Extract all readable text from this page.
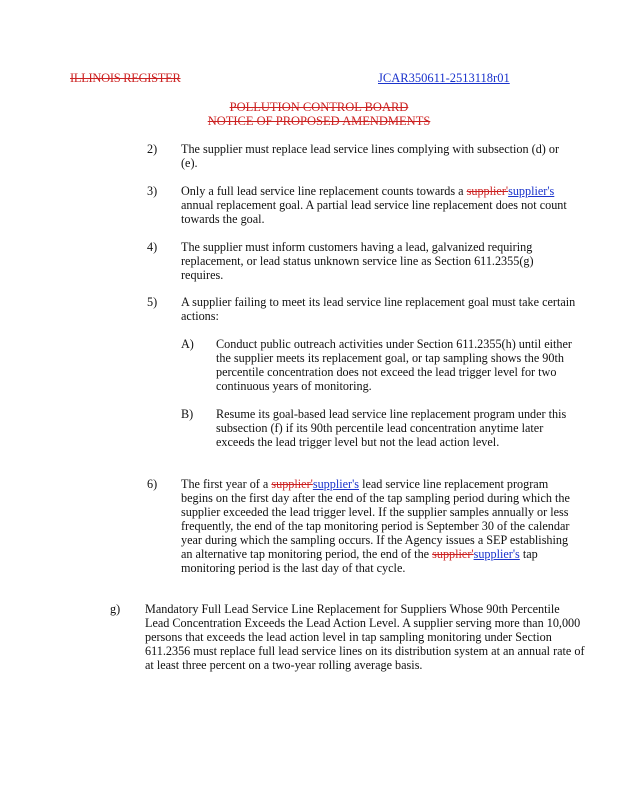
ILLINOIS REGISTER	JCAR350611-2513118r01
POLLUTION CONTROL BOARD
NOTICE OF PROPOSED AMENDMENTS
2) The supplier must replace lead service lines complying with subsection (d) or (e).
3) Only a full lead service line replacement counts towards a supplier'supplier's annual replacement goal. A partial lead service line replacement does not count towards the goal.
4) The supplier must inform customers having a lead, galvanized requiring replacement, or lead status unknown service line as Section 611.2355(g) requires.
5) A supplier failing to meet its lead service line replacement goal must take certain actions:
A) Conduct public outreach activities under Section 611.2355(h) until either the supplier meets its replacement goal, or tap sampling shows the 90th percentile concentration does not exceed the lead trigger level for two continuous years of monitoring.
B) Resume its goal-based lead service line replacement program under this subsection (f) if its 90th percentile lead concentration anytime later exceeds the lead trigger level but not the lead action level.
6) The first year of a supplier'supplier's lead service line replacement program begins on the first day after the end of the tap sampling period during which the supplier exceeded the lead trigger level. If the supplier samples annually or less frequently, the end of the tap monitoring period is September 30 of the calendar year during which the sampling occurs. If the Agency issues a SEP establishing an alternative tap monitoring period, the end of the supplier'supplier's tap monitoring period is the last day of that cycle.
g) Mandatory Full Lead Service Line Replacement for Suppliers Whose 90th Percentile Lead Concentration Exceeds the Lead Action Level. A supplier serving more than 10,000 persons that exceeds the lead action level in tap sampling monitoring under Section 611.2356 must replace full lead service lines on its distribution system at an annual rate of at least three percent on a two-year rolling average basis.
